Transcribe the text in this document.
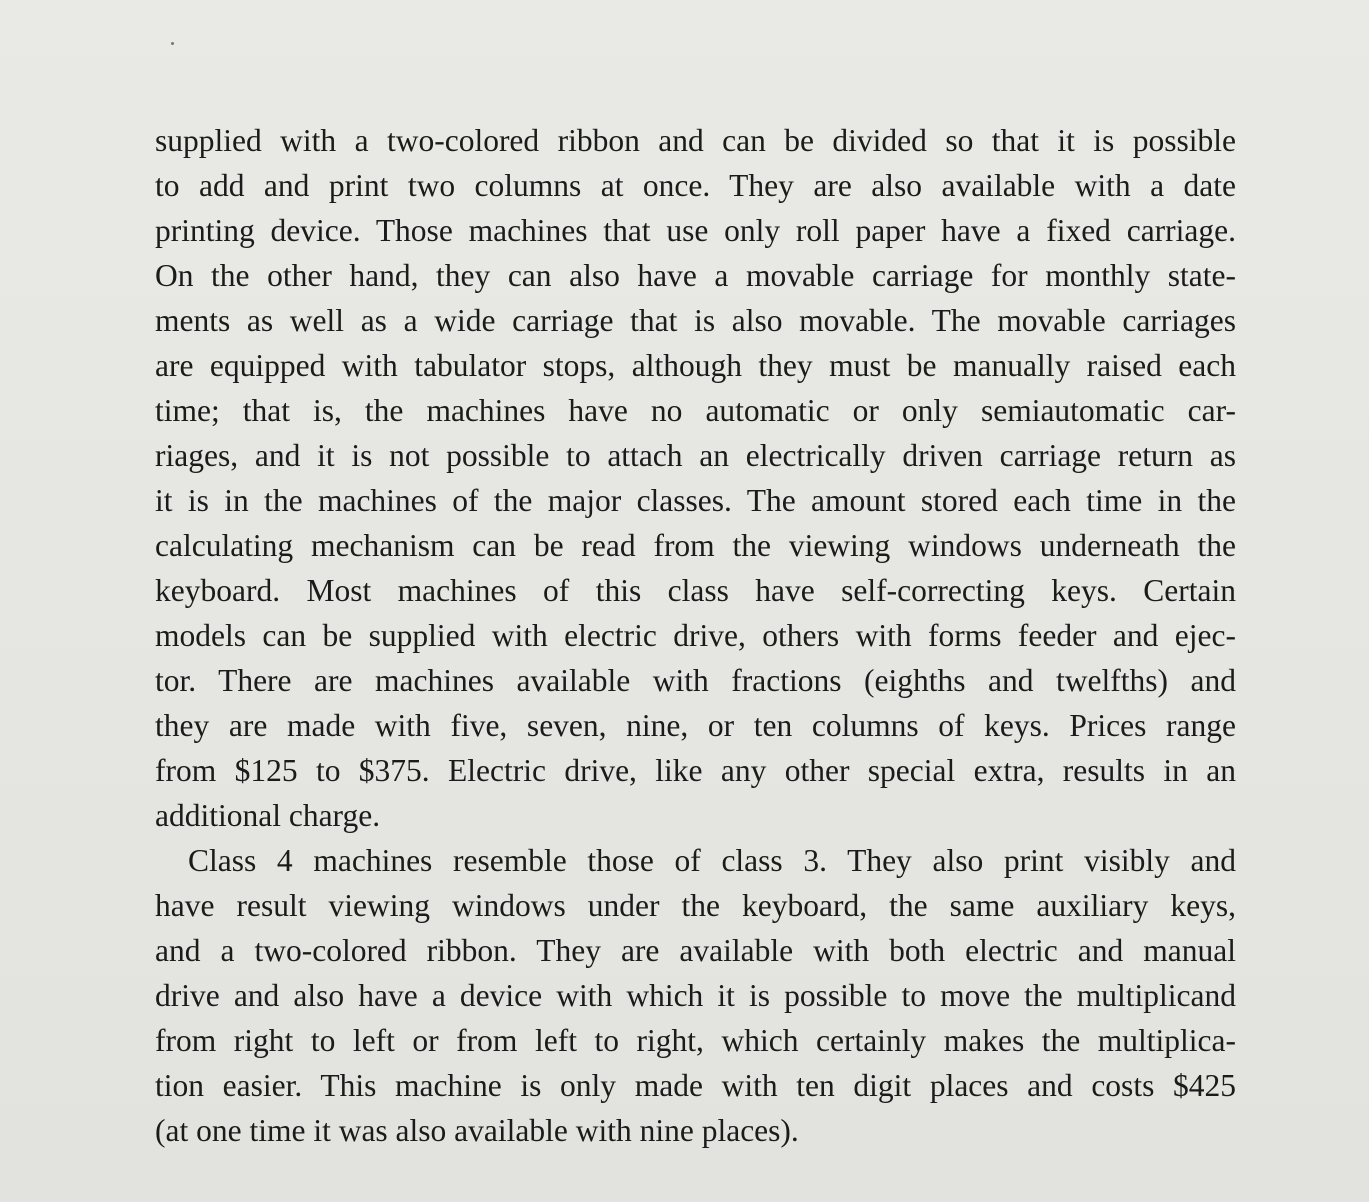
supplied with a two-colored ribbon and can be divided so that it is possible
to add and print two columns at once. They are also available with a date
printing device. Those machines that use only roll paper have a fixed carriage.
On the other hand, they can also have a movable carriage for monthly state-
ments as well as a wide carriage that is also movable. The movable carriages
are equipped with tabulator stops, although they must be manually raised each
time; that is, the machines have no automatic or only semiautomatic car-
riages, and it is not possible to attach an electrically driven carriage return as
it is in the machines of the major classes. The amount stored each time in the
calculating mechanism can be read from the viewing windows underneath the
keyboard. Most machines of this class have self-correcting keys. Certain
models can be supplied with electric drive, others with forms feeder and ejec-
tor. There are machines available with fractions (eighths and twelfths) and
they are made with five, seven, nine, or ten columns of keys. Prices range
from $125 to $375. Electric drive, like any other special extra, results in an
additional charge.
Class 4 machines resemble those of class 3. They also print visibly and
have result viewing windows under the keyboard, the same auxiliary keys,
and a two-colored ribbon. They are available with both electric and manual
drive and also have a device with which it is possible to move the multiplicand
from right to left or from left to right, which certainly makes the multiplica-
tion easier. This machine is only made with ten digit places and costs $425
(at one time it was also available with nine places).
